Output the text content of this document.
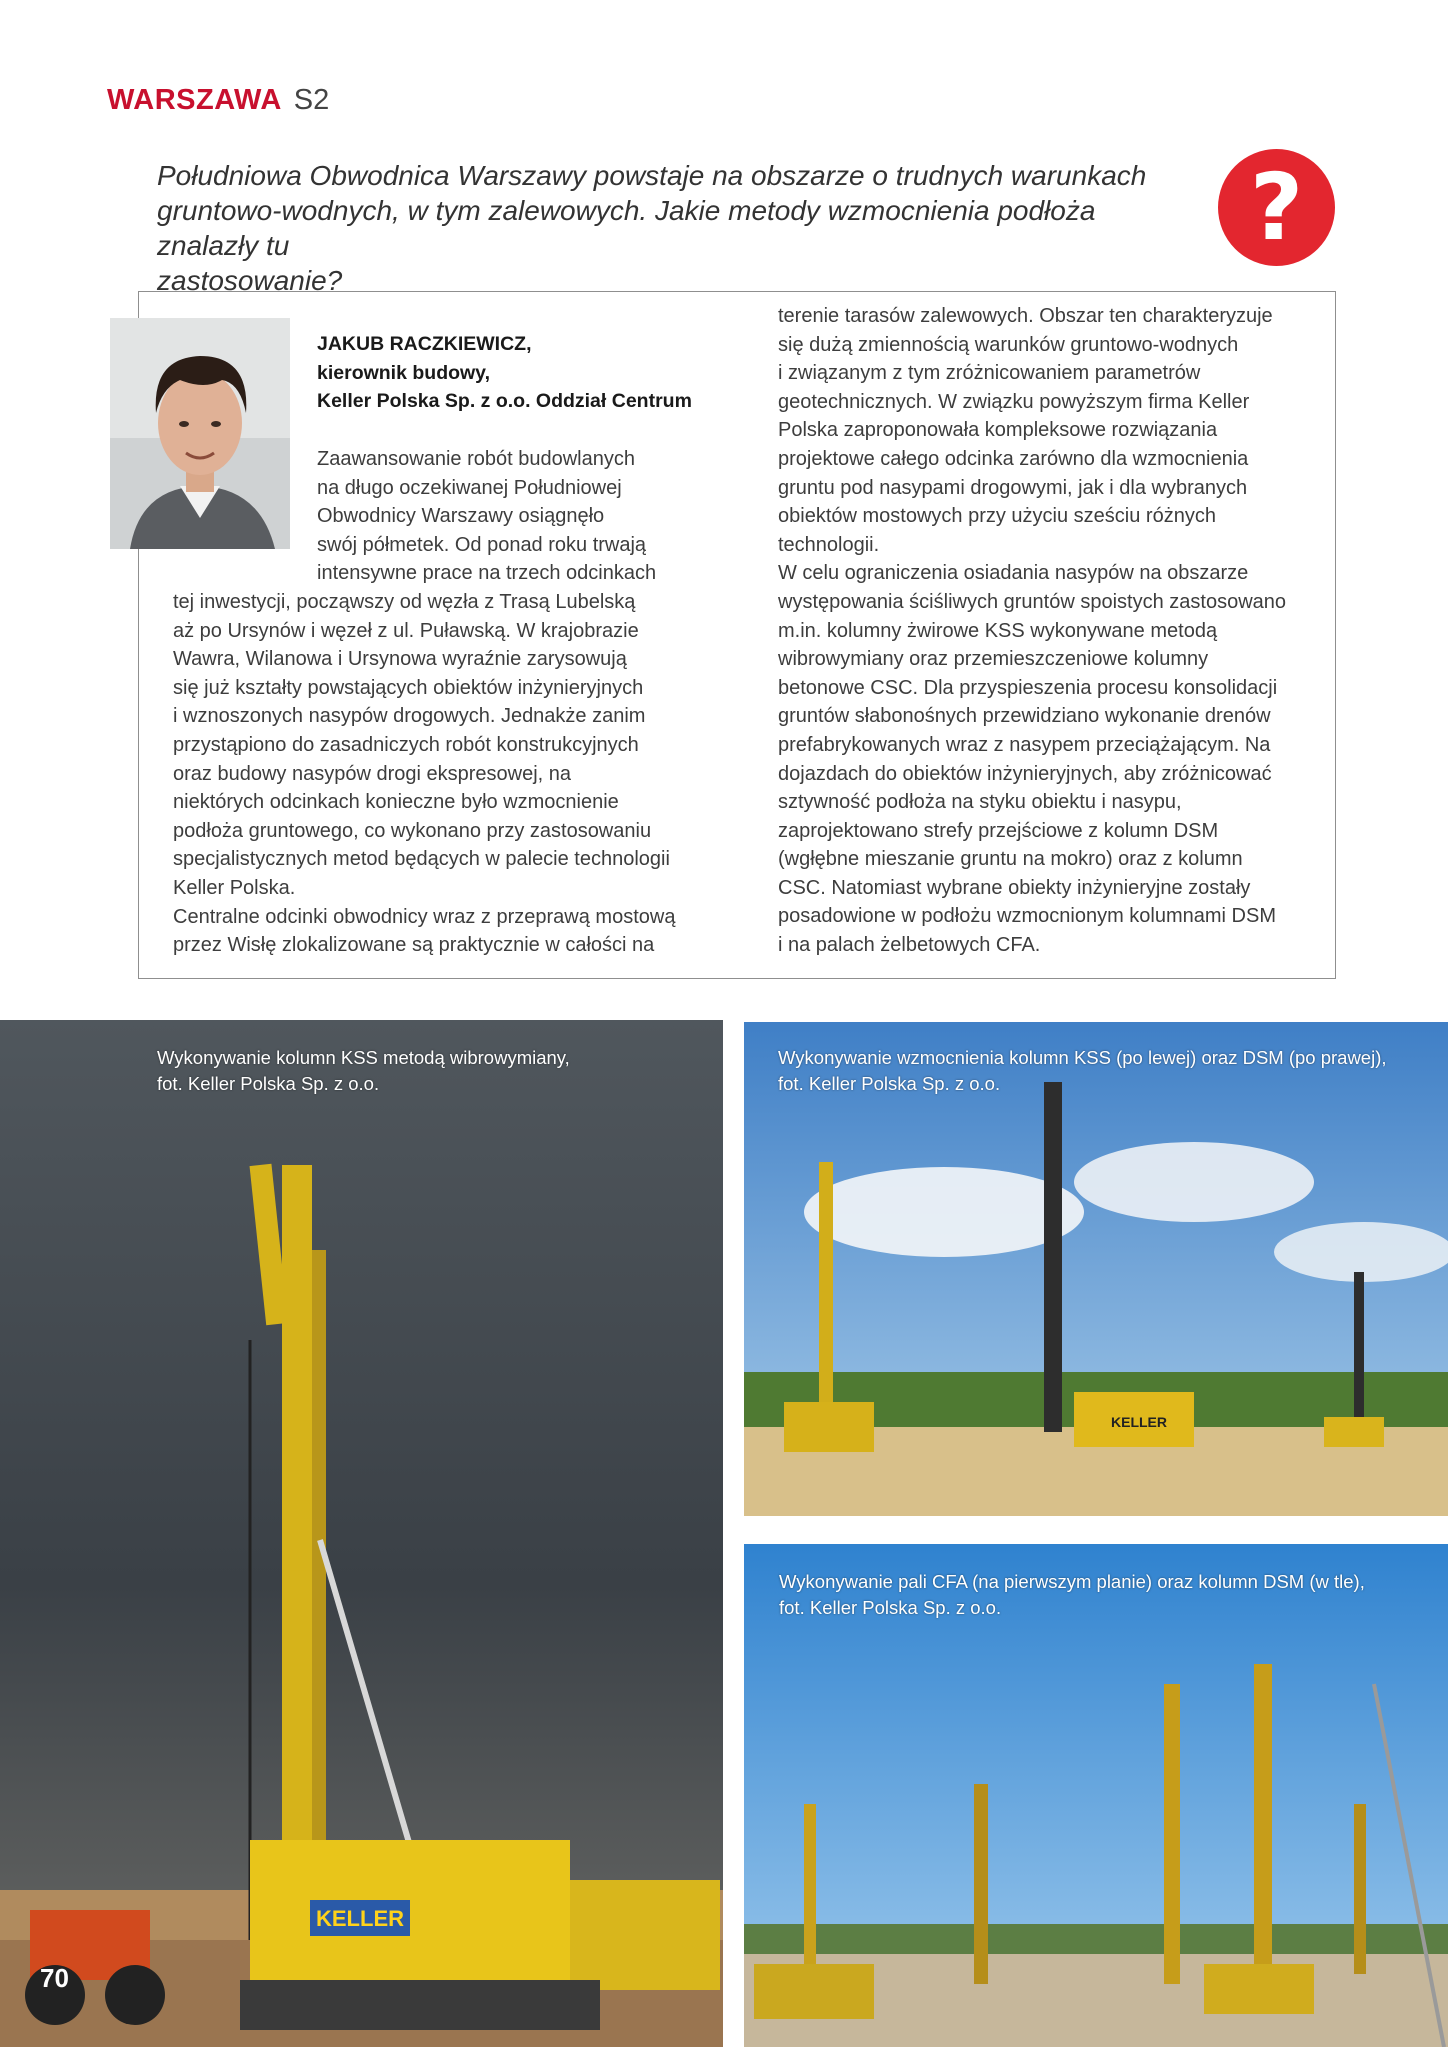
WARSZAWA S2
Południowa Obwodnica Warszawy powstaje na obszarze o trudnych warunkach
gruntowo-wodnych, w tym zalewowych. Jakie metody wzmocnienia podłoża znalazły tu
zastosowanie?
?
JAKUB RACZKIEWICZ,
kierownik budowy,
Keller Polska Sp. z o.o. Oddział Centrum

Zaawansowanie robót budowlanych

na długo oczekiwanej Południowej

Obwodnicy Warszawy osiągnęło

swój półmetek. Od ponad roku trwają

intensywne prace na trzech odcinkach

tej inwestycji, począwszy od węzła z Trasą Lubelską

aż po Ursynów i węzeł z ul. Puławską. W krajobrazie

Wawra, Wilanowa i Ursynowa wyraźnie zarysowują

się już kształty powstających obiektów inżynieryjnych

i wznoszonych nasypów drogowych. Jednakże zanim

przystąpiono do zasadniczych robót konstrukcyjnych

oraz budowy nasypów drogi ekspresowej, na

niektórych odcinkach konieczne było wzmocnienie

podłoża gruntowego, co wykonano przy zastosowaniu

specjalistycznych metod będących w palecie technologii

Keller Polska.

Centralne odcinki obwodnicy wraz z przeprawą mostową

przez Wisłę zlokalizowane są praktycznie w całości na

terenie tarasów zalewowych. Obszar ten charakteryzuje

się dużą zmiennością warunków gruntowo-wodnych

i związanym z tym zróżnicowaniem parametrów

geotechnicznych. W związku powyższym firma Keller

Polska zaproponowała kompleksowe rozwiązania

projektowe całego odcinka zarówno dla wzmocnienia

gruntu pod nasypami drogowymi, jak i dla wybranych

obiektów mostowych przy użyciu sześciu różnych

technologii.

W celu ograniczenia osiadania nasypów na obszarze

występowania ściśliwych gruntów spoistych zastosowano

m.in. kolumny żwirowe KSS wykonywane metodą

wibrowymiany oraz przemieszczeniowe kolumny

betonowe CSC. Dla przyspieszenia procesu konsolidacji

gruntów słabonośnych przewidziano wykonanie drenów

prefabrykowanych wraz z nasypem przeciążającym. Na

dojazdach do obiektów inżynieryjnych, aby zróżnicować

sztywność podłoża na styku obiektu i nasypu,

zaprojektowano strefy przejściowe z kolumn DSM

(wgłębne mieszanie gruntu na mokro) oraz z kolumn

CSC. Natomiast wybrane obiekty inżynieryjne zostały

posadowione w podłożu wzmocnionym kolumnami DSM

i na palach żelbetowych CFA.

KELLER
Wykonywanie kolumn KSS metodą wibrowymiany,
fot. Keller Polska Sp. z o.o.
70
KELLER
Wykonywanie wzmocnienia kolumn KSS (po lewej) oraz DSM (po prawej),
fot. Keller Polska Sp. z o.o.
Wykonywanie pali CFA (na pierwszym planie) oraz kolumn DSM (w tle),
fot. Keller Polska Sp. z o.o.
